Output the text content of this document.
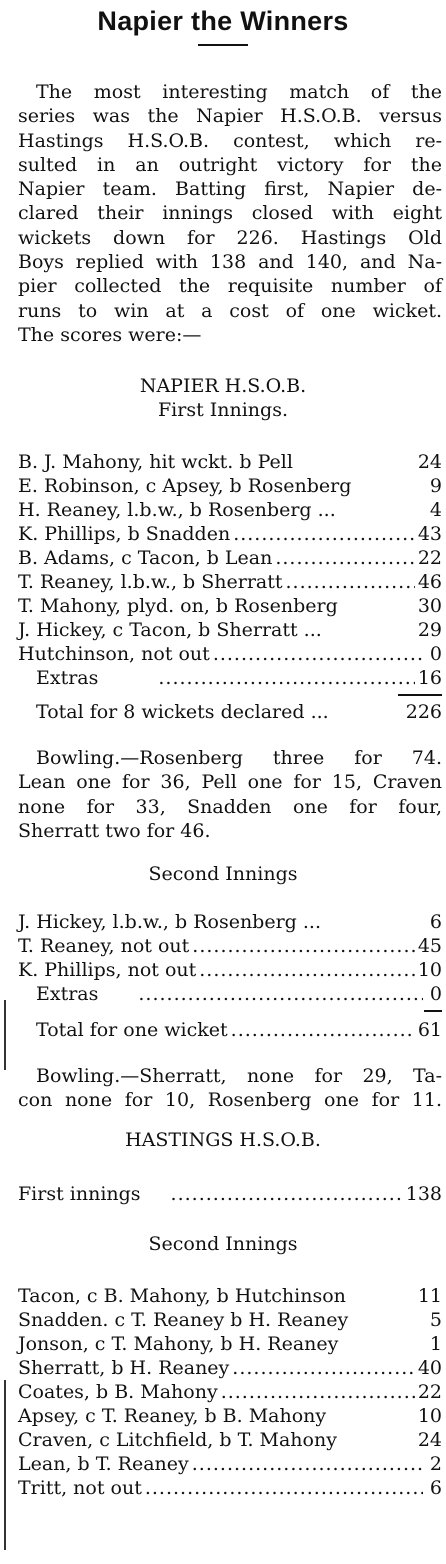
Napier the Winners
The most interesting match of the
series was the Napier H.S.O.B. versus
Hastings H.S.O.B. contest, which re-
sulted in an outright victory for the
Napier team. Batting first, Napier de-
clared their innings closed with eight
wickets down for 226. Hastings Old
Boys replied with 138 and 140, and Na-
pier collected the requisite number of
runs to win at a cost of one wicket.
The scores were:—
NAPIER H.S.O.B.
First Innings.
B. J. Mahony, hit wckt. b Pell	24
E. Robinson, c Apsey, b Rosenberg	9
H. Reaney, l.b.w., b Rosenberg ...	4
K. Phillips, b Snadden .....	43
B. Adams, c Tacon, b Lean .....	22
T. Reaney, l.b.w., b Sherratt .....	46
T. Mahony, plyd. on, b Rosenberg	30
J. Hickey, c Tacon, b Sherratt ...	29
Hutchinson, not out .....	0
Extras .....	16
Total for 8 wickets declared ...	226
Bowling.—Rosenberg three for 74.
Lean one for 36, Pell one for 15, Craven
none for 33, Snadden one for four,
Sherratt two for 46.
Second Innings
J. Hickey, l.b.w., b Rosenberg ...	6
T. Reaney, not out .....	45
K. Phillips, not out .....	10
Extras .....	0
Total for one wicket .....	61
Bowling.—Sherratt, none for 29, Ta-
con none for 10, Rosenberg one for 11.
HASTINGS H.S.O.B.
First innings .....	138
Second Innings
Tacon, c B. Mahony, b Hutchinson	11
Snadden. c T. Reaney b H. Reaney	5
Jonson, c T. Mahony, b H. Reaney	1
Sherratt, b H. Reaney .....	40
Coates, b B. Mahony .....	22
Apsey, c T. Reaney, b B. Mahony	10
Craven, c Litchfield, b T. Mahony	24
Lean, b T. Reaney .....	2
Tritt, not out .....	6
